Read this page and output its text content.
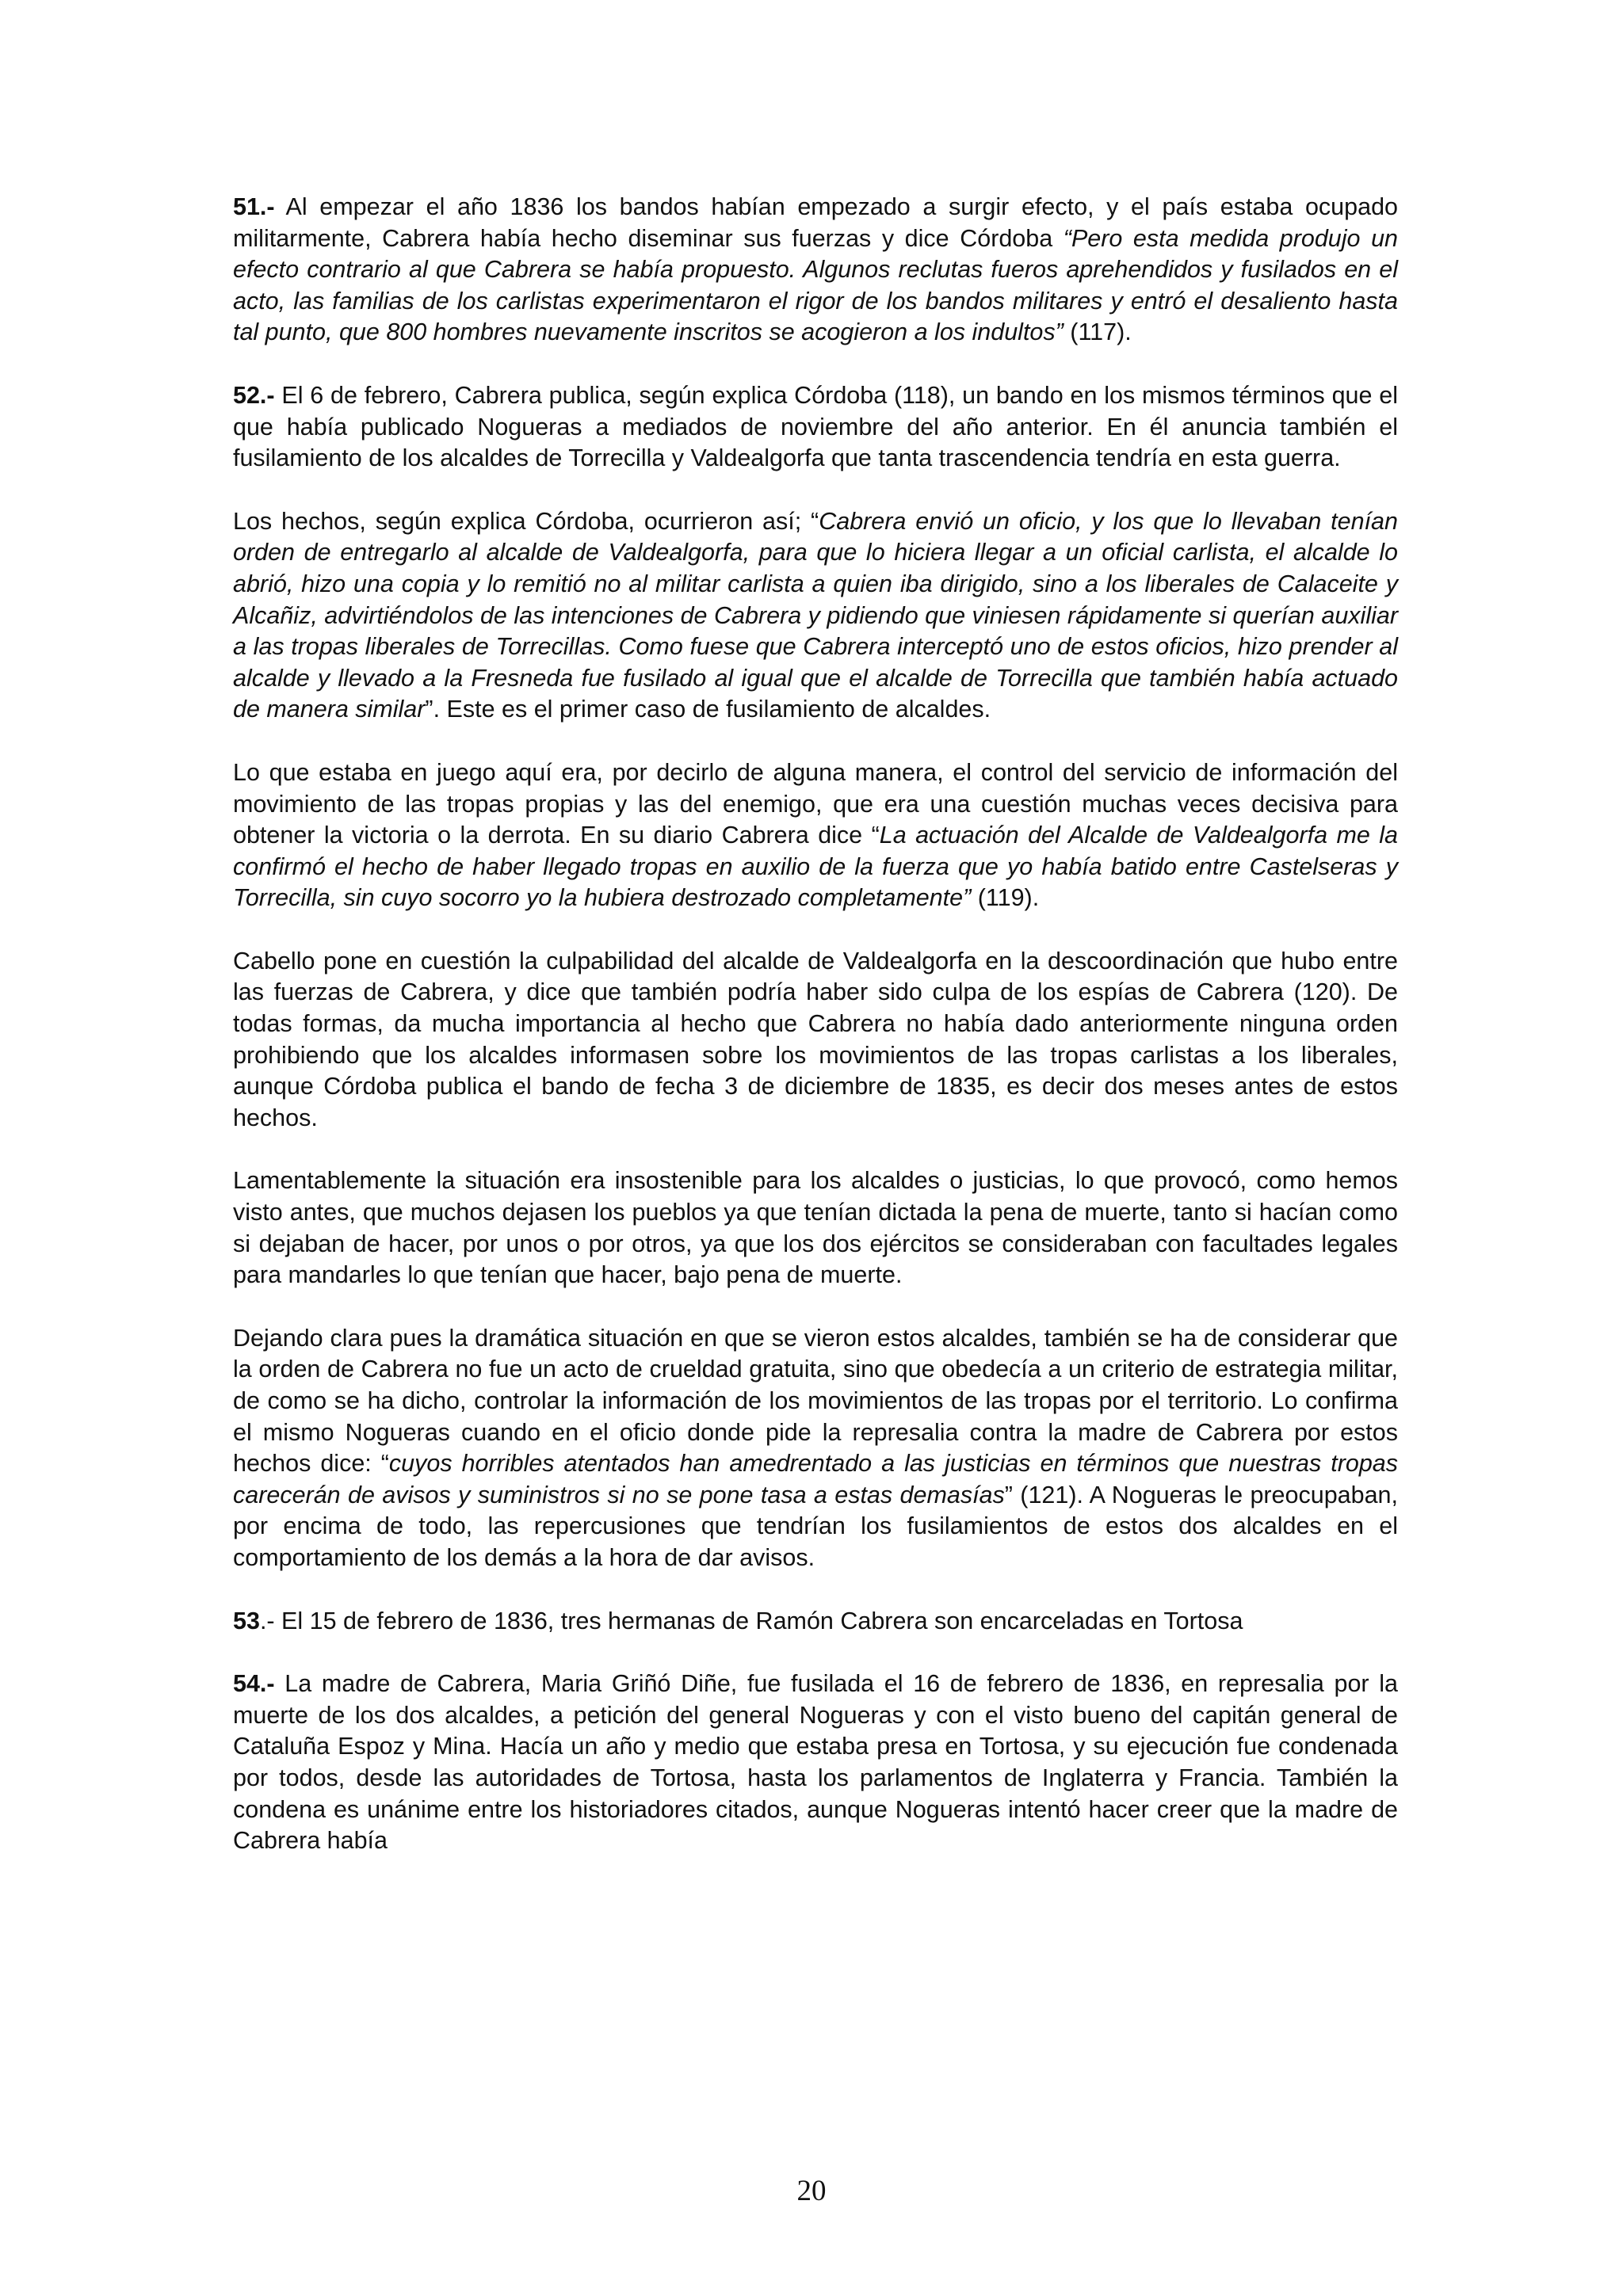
51.- Al empezar el año 1836 los bandos habían empezado a surgir efecto, y el país estaba ocupado militarmente, Cabrera había hecho diseminar sus fuerzas y dice Córdoba “Pero esta medida produjo un efecto contrario al que Cabrera se había propuesto. Algunos reclutas fueros aprehendidos y fusilados en el acto, las familias de los carlistas experimentaron el rigor de los bandos militares y entró el desaliento hasta tal punto, que 800 hombres nuevamente inscritos se acogieron a los indultos” (117).

52.- El 6 de febrero, Cabrera publica, según explica Córdoba (118), un bando en los mismos términos que el que había publicado Nogueras a mediados de noviembre del año anterior. En él anuncia también el fusilamiento de los alcaldes de Torrecilla y Valdealgorfa que tanta trascendencia tendría en esta guerra.

Los hechos, según explica Córdoba, ocurrieron así; “Cabrera envió un oficio, y los que lo llevaban tenían orden de entregarlo al alcalde de Valdealgorfa, para que lo hiciera llegar a un oficial carlista, el alcalde lo abrió, hizo una copia y lo remitió no al militar carlista a quien iba dirigido, sino a los liberales de Calaceite y Alcañiz, advirtiéndolos de las intenciones de Cabrera y pidiendo que viniesen rápidamente si querían auxiliar a las tropas liberales de Torrecillas. Como fuese que Cabrera interceptó uno de estos oficios, hizo prender al alcalde y llevado a la Fresneda fue fusilado al igual que el alcalde de Torrecilla que también había actuado de manera similar”. Este es el primer caso de fusilamiento de alcaldes.

Lo que estaba en juego aquí era, por decirlo de alguna manera, el control del servicio de información del movimiento de las tropas propias y las del enemigo, que era una cuestión muchas veces decisiva para obtener la victoria o la derrota. En su diario Cabrera dice “La actuación del Alcalde de Valdealgorfa me la confirmó el hecho de haber llegado tropas en auxilio de la fuerza que yo había batido entre Castelseras y Torrecilla, sin cuyo socorro yo la hubiera destrozado completamente” (119).

Cabello pone en cuestión la culpabilidad del alcalde de Valdealgorfa en la descoordinación que hubo entre las fuerzas de Cabrera, y dice que también podría haber sido culpa de los espías de Cabrera (120). De todas formas, da mucha importancia al hecho que Cabrera no había dado anteriormente ninguna orden prohibiendo que los alcaldes informasen sobre los movimientos de las tropas carlistas a los liberales, aunque Córdoba publica el bando de fecha 3 de diciembre de 1835, es decir dos meses antes de estos hechos.

Lamentablemente la situación era insostenible para los alcaldes o justicias, lo que provocó, como hemos visto antes, que muchos dejasen los pueblos ya que tenían dictada la pena de muerte, tanto si hacían como si dejaban de hacer, por unos o por otros, ya que los dos ejércitos se consideraban con facultades legales para mandarles lo que tenían que hacer, bajo pena de muerte.

Dejando clara pues la dramática situación en que se vieron estos alcaldes, también se ha de considerar que la orden de Cabrera no fue un acto de crueldad gratuita, sino que obedecía a un criterio de estrategia militar, de como se ha dicho, controlar la información de los movimientos de las tropas por el territorio. Lo confirma el mismo Nogueras cuando en el oficio donde pide la represalia contra la madre de Cabrera por estos hechos dice: “cuyos horribles atentados han amedrentado a las justicias en términos que nuestras tropas carecerán de avisos y suministros si no se pone tasa a estas demasías” (121). A Nogueras le preocupaban, por encima de todo, las repercusiones que tendrían los fusilamientos de estos dos alcaldes en el comportamiento de los demás a la hora de dar avisos.

53.- El 15 de febrero de 1836, tres hermanas de Ramón Cabrera son encarceladas en Tortosa

54.- La madre de Cabrera, Maria Griñó Diñe, fue fusilada el 16 de febrero de 1836, en represalia por la muerte de los dos alcaldes, a petición del general Nogueras y con el visto bueno del capitán general de Cataluña Espoz y Mina. Hacía un año y medio que estaba presa en Tortosa, y su ejecución fue condenada por todos, desde las autoridades de Tortosa, hasta los parlamentos de Inglaterra y Francia. También la condena es unánime entre los historiadores citados, aunque Nogueras intentó hacer creer que la madre de Cabrera había

20
